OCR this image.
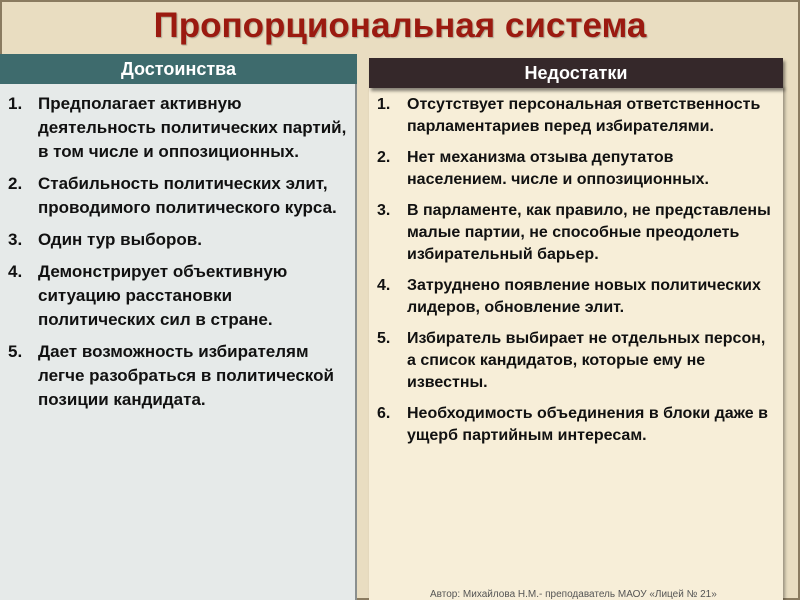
Пропорциональная система
Достоинства	Недостатки
1. Предполагает активную деятельность политических партий, в том числе и оппозиционных.
2. Стабильность политических элит, проводимого политического курса.
3. Один тур выборов.
4. Демонстрирует объективную ситуацию расстановки политических сил в стране.
5. Дает возможность избирателям легче разобраться в политической позиции кандидата.
1.	Отсутствует персональная ответственность парламентариев перед избирателями.
2.	Нет механизма отзыва депутатов населением. числе и оппозиционных.
3.	В парламенте, как правило, не представлены малые партии, не способные преодолеть избирательный барьер.
4.	Затруднено появление новых политических лидеров, обновление элит.
5.	Избиратель выбирает не отдельных персон, а список кандидатов, которые ему не известны.
6.	Необходимость объединения в блоки даже в ущерб партийным интересам.
Автор: Михайлова Н.М.- преподаватель МАОУ «Лицей № 21»
